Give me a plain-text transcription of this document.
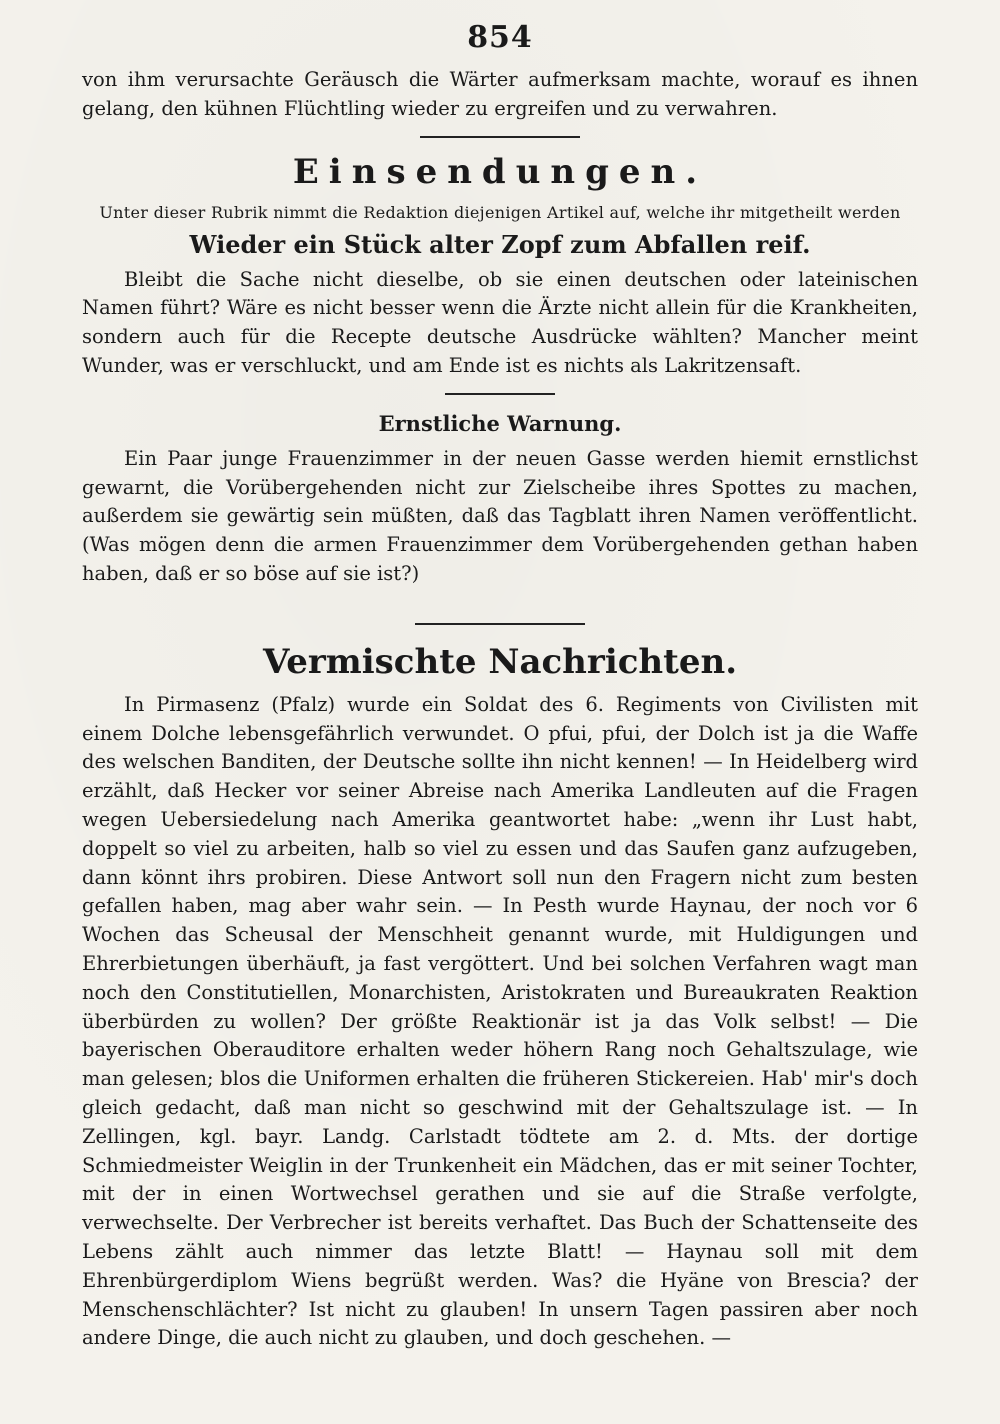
854

von ihm verursachte Geräusch die Wärter aufmerksam machte, worauf es ihnen gelang, den kühnen Flüchtling wieder zu ergreifen und zu verwahren.

Einsendungen.
Unter dieser Rubrik nimmt die Redaktion diejenigen Artikel auf, welche ihr mitgetheilt werden
Wieder ein Stück alter Zopf zum Abfallen reif.

Bleibt die Sache nicht dieselbe, ob sie einen deutschen oder lateinischen Namen führt? Wäre es nicht besser wenn die Ärzte nicht allein für die Krankheiten, sondern auch für die Recepte deutsche Ausdrücke wählten? Mancher meint Wunder, was er verschluckt, und am Ende ist es nichts als Lakritzensaft.

Ernstliche Warnung.

Ein Paar junge Frauenzimmer in der neuen Gasse werden hiemit ernstlichst gewarnt, die Vorübergehenden nicht zur Zielscheibe ihres Spottes zu machen, außerdem sie gewärtig sein müßten, daß das Tagblatt ihren Namen veröffentlicht. (Was mögen denn die armen Frauenzimmer dem Vorübergehenden gethan haben haben, daß er so böse auf sie ist?)

Vermischte Nachrichten.

In Pirmasenz (Pfalz) wurde ein Soldat des 6. Regiments von Civilisten mit einem Dolche lebensgefährlich verwundet. O pfui, pfui, der Dolch ist ja die Waffe des welschen Banditen, der Deutsche sollte ihn nicht kennen! — In Heidelberg wird erzählt, daß Hecker vor seiner Abreise nach Amerika Landleuten auf die Fragen wegen Uebersiedelung nach Amerika geantwortet habe: „wenn ihr Lust habt, doppelt so viel zu arbeiten, halb so viel zu essen und das Saufen ganz aufzugeben, dann könnt ihrs probiren. Diese Antwort soll nun den Fragern nicht zum besten gefallen haben, mag aber wahr sein. — In Pesth wurde Haynau, der noch vor 6 Wochen das Scheusal der Menschheit genannt wurde, mit Huldigungen und Ehrerbietungen überhäuft, ja fast vergöttert. Und bei solchen Verfahren wagt man noch den Constitutiellen, Monarchisten, Aristokraten und Bureaukraten Reaktion überbürden zu wollen? Der größte Reaktionär ist ja das Volk selbst! — Die bayerischen Oberauditore erhalten weder höhern Rang noch Gehaltszulage, wie man gelesen; blos die Uniformen erhalten die früheren Stickereien. Hab' mir's doch gleich gedacht, daß man nicht so geschwind mit der Gehaltszulage ist. — In Zellingen, kgl. bayr. Landg. Carlstadt tödtete am 2. d. Mts. der dortige Schmiedmeister Weiglin in der Trunkenheit ein Mädchen, das er mit seiner Tochter, mit der in einen Wortwechsel gerathen und sie auf die Straße verfolgte, verwechselte. Der Verbrecher ist bereits verhaftet. Das Buch der Schattenseite des Lebens zählt auch nimmer das letzte Blatt! — Haynau soll mit dem Ehrenbürgerdiplom Wiens begrüßt werden. Was? die Hyäne von Brescia? der Menschenschlächter? Ist nicht zu glauben! In unsern Tagen passiren aber noch andere Dinge, die auch nicht zu glauben, und doch geschehen. —
